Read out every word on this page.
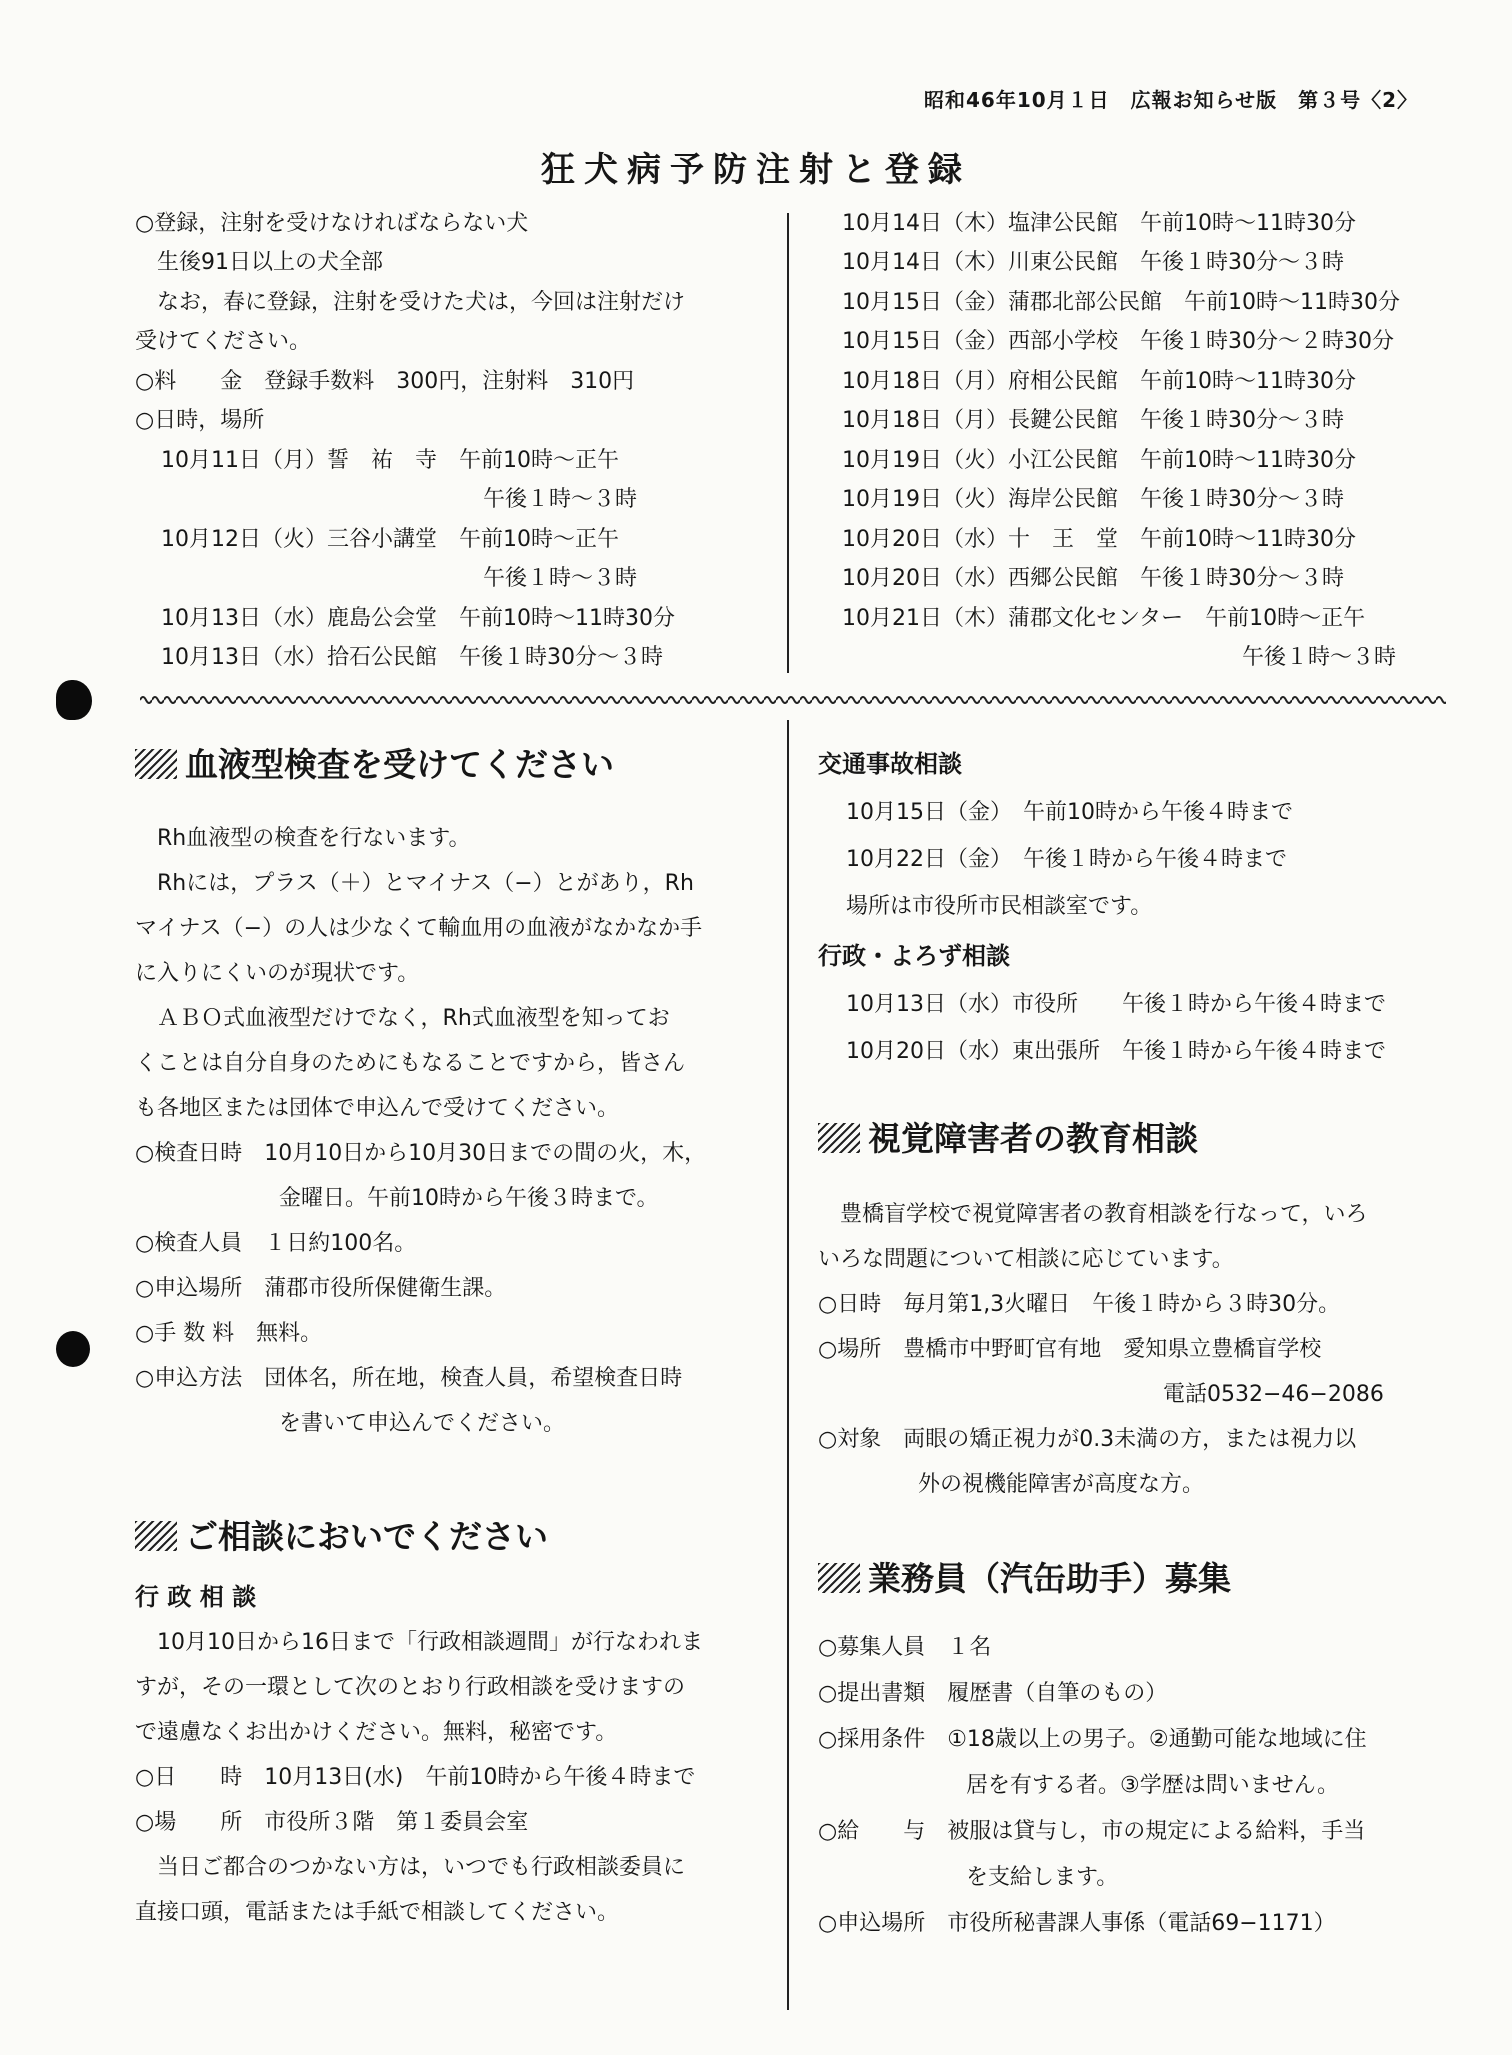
昭和46年10月１日　広報お知らせ版　第３号〈2〉
狂犬病予防注射と登録
○登録，注射を受けなければならない犬
生後91日以上の犬全部
なお，春に登録，注射を受けた犬は，今回は注射だけ
受けてください。
○料　　金　登録手数料　300円，注射料　310円
○日時，場所
10月11日（月）誓　祐　寺　午前10時〜正午
午後１時〜３時
10月12日（火）三谷小講堂　午前10時〜正午
午後１時〜３時
10月13日（水）鹿島公会堂　午前10時〜11時30分
10月13日（水）拾石公民館　午後１時30分〜３時
10月14日（木）塩津公民館　午前10時〜11時30分
10月14日（木）川東公民館　午後１時30分〜３時
10月15日（金）蒲郡北部公民館　午前10時〜11時30分
10月15日（金）西部小学校　午後１時30分〜２時30分
10月18日（月）府相公民館　午前10時〜11時30分
10月18日（月）長鍵公民館　午後１時30分〜３時
10月19日（火）小江公民館　午前10時〜11時30分
10月19日（火）海岸公民館　午後１時30分〜３時
10月20日（水）十　王　堂　午前10時〜11時30分
10月20日（水）西郷公民館　午後１時30分〜３時
10月21日（木）蒲郡文化センター　午前10時〜正午
午後１時〜３時
血液型検査を受けてください
Rh血液型の検査を行ないます。
Rhには，プラス（＋）とマイナス（−）とがあり，Rh
マイナス（−）の人は少なくて輸血用の血液がなかなか手
に入りにくいのが現状です。
ＡＢＯ式血液型だけでなく，Rh式血液型を知ってお
くことは自分自身のためにもなることですから，皆さん
も各地区または団体で申込んで受けてください。
○検査日時　10月10日から10月30日までの間の火，木，
金曜日。午前10時から午後３時まで。
○検査人員　１日約100名。
○申込場所　蒲郡市役所保健衛生課。
○手 数 料　無料。
○申込方法　団体名，所在地，検査人員，希望検査日時
を書いて申込んでください。
ご相談においでください
行 政 相 談
10月10日から16日まで「行政相談週間」が行なわれま
すが，その一環として次のとおり行政相談を受けますの
で遠慮なくお出かけください。無料，秘密です。
○日　　時　10月13日(水)　午前10時から午後４時まで
○場　　所　市役所３階　第１委員会室
当日ご都合のつかない方は，いつでも行政相談委員に
直接口頭，電話または手紙で相談してください。
交通事故相談
10月15日（金）　午前10時から午後４時まで
10月22日（金）　午後１時から午後４時まで
場所は市役所市民相談室です。
行政・よろず相談
10月13日（水）市役所　　午後１時から午後４時まで
10月20日（水）東出張所　午後１時から午後４時まで
視覚障害者の教育相談
豊橋盲学校で視覚障害者の教育相談を行なって，いろ
いろな問題について相談に応じています。
○日時　毎月第1,3火曜日　午後１時から３時30分。
○場所　豊橋市中野町官有地　愛知県立豊橋盲学校
電話0532−46−2086
○対象　両眼の矯正視力が0.3未満の方，または視力以
外の視機能障害が高度な方。
業務員（汽缶助手）募集
○募集人員　１名
○提出書類　履歴書（自筆のもの）
○採用条件　①18歳以上の男子。②通勤可能な地域に住
居を有する者。③学歴は問いません。
○給　　与　被服は貸与し，市の規定による給料，手当
を支給します。
○申込場所　市役所秘書課人事係（電話69−1171）
